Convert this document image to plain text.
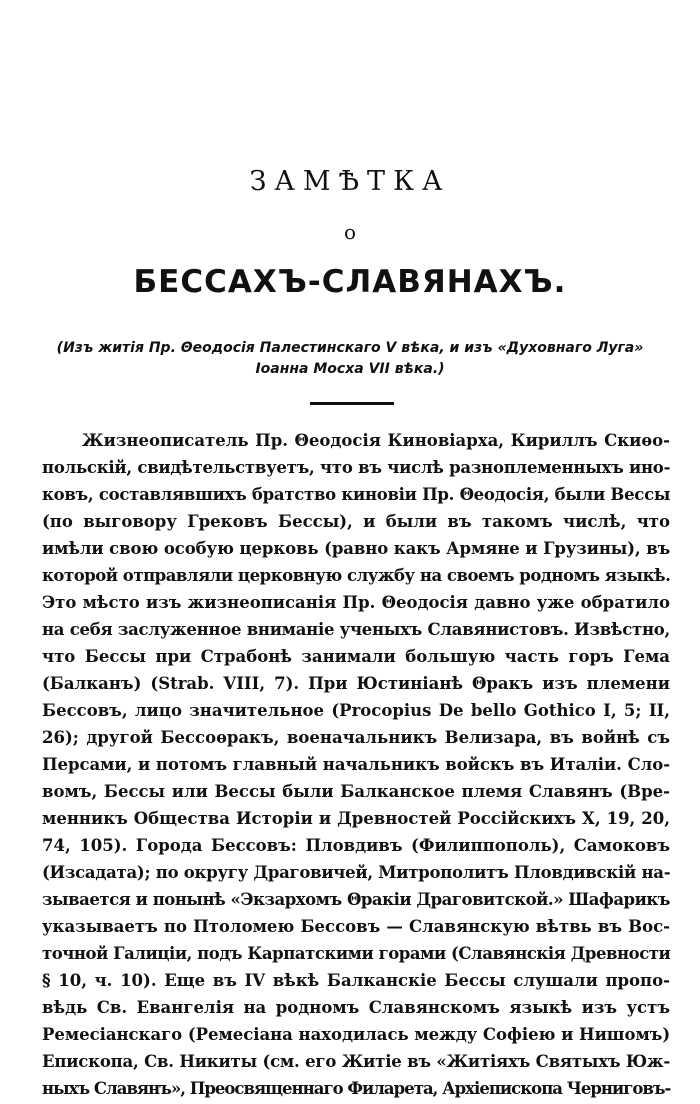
ЗАМѢТКА
о
БЕССАХЪ-СЛАВЯНАХЪ.
(Изъ житія Пр. Θеодосія Палестинскаго V вѣка, и изъ «Духовнаго Луга»
Іоанна Мосха VII вѣка.)
Жизнеописатель Пр. Θеодосія Киновіарха, Кириллъ Скиѳо-
польскій, свидѣтельствуетъ, что въ числѣ разноплеменныхъ ино-
ковъ, составлявшихъ братство киновіи Пр. Θеодосія, были Вессы
(по выговору Грековъ Бессы), и были въ такомъ числѣ, что
имѣли свою особую церковь (равно какъ Армяне и Грузины), въ
которой отправляли церковную службу на своемъ родномъ языкѣ.
Это мѣсто изъ жизнеописанія Пр. Θеодосія давно уже обратило
на себя заслуженное вниманіе ученыхъ Славянистовъ. Извѣстно,
что Бессы при Страбонѣ занимали большую часть горъ Гема
(Балканъ) (Strab. VIII, 7). При Юстиніанѣ Θракъ изъ племени
Бессовъ, лицо значительное (Procopius De bello Gothico I, 5; II,
26); другой Бессоѳракъ, военачальникъ Велизара, въ войнѣ съ
Персами, и потомъ главный начальникъ войскъ въ Италіи. Сло-
вомъ, Бессы или Вессы были Балканское племя Славянъ (Вре-
менникъ Общества Исторіи и Древностей Россійскихъ X, 19, 20,
74, 105). Города Бессовъ: Пловдивъ (Филиппополь), Самоковъ
(Изсадата); по округу Драговичей, Митрополитъ Пловдивскій на-
зывается и понынѣ «Экзархомъ Θракіи Драговитской.» Шафарикъ
указываетъ по Птоломею Бессовъ — Славянскую вѣтвь въ Вос-
точной Галиціи, подъ Карпатскими горами (Славянскія Древности
§ 10, ч. 10). Еще въ IV вѣкѣ Балканскіе Бессы слушали пропо-
вѣдь Св. Евангелія на родномъ Славянскомъ языкѣ изъ устъ
Ремесіанскаго (Ремесіана находилась между Софіею и Нишомъ)
Епископа, Св. Никиты (см. его Житіе въ «Житіяхъ Святыхъ Юж-
ныхъ Славянъ», Преосвященнаго Филарета, Архіепископа Черниговъ-
